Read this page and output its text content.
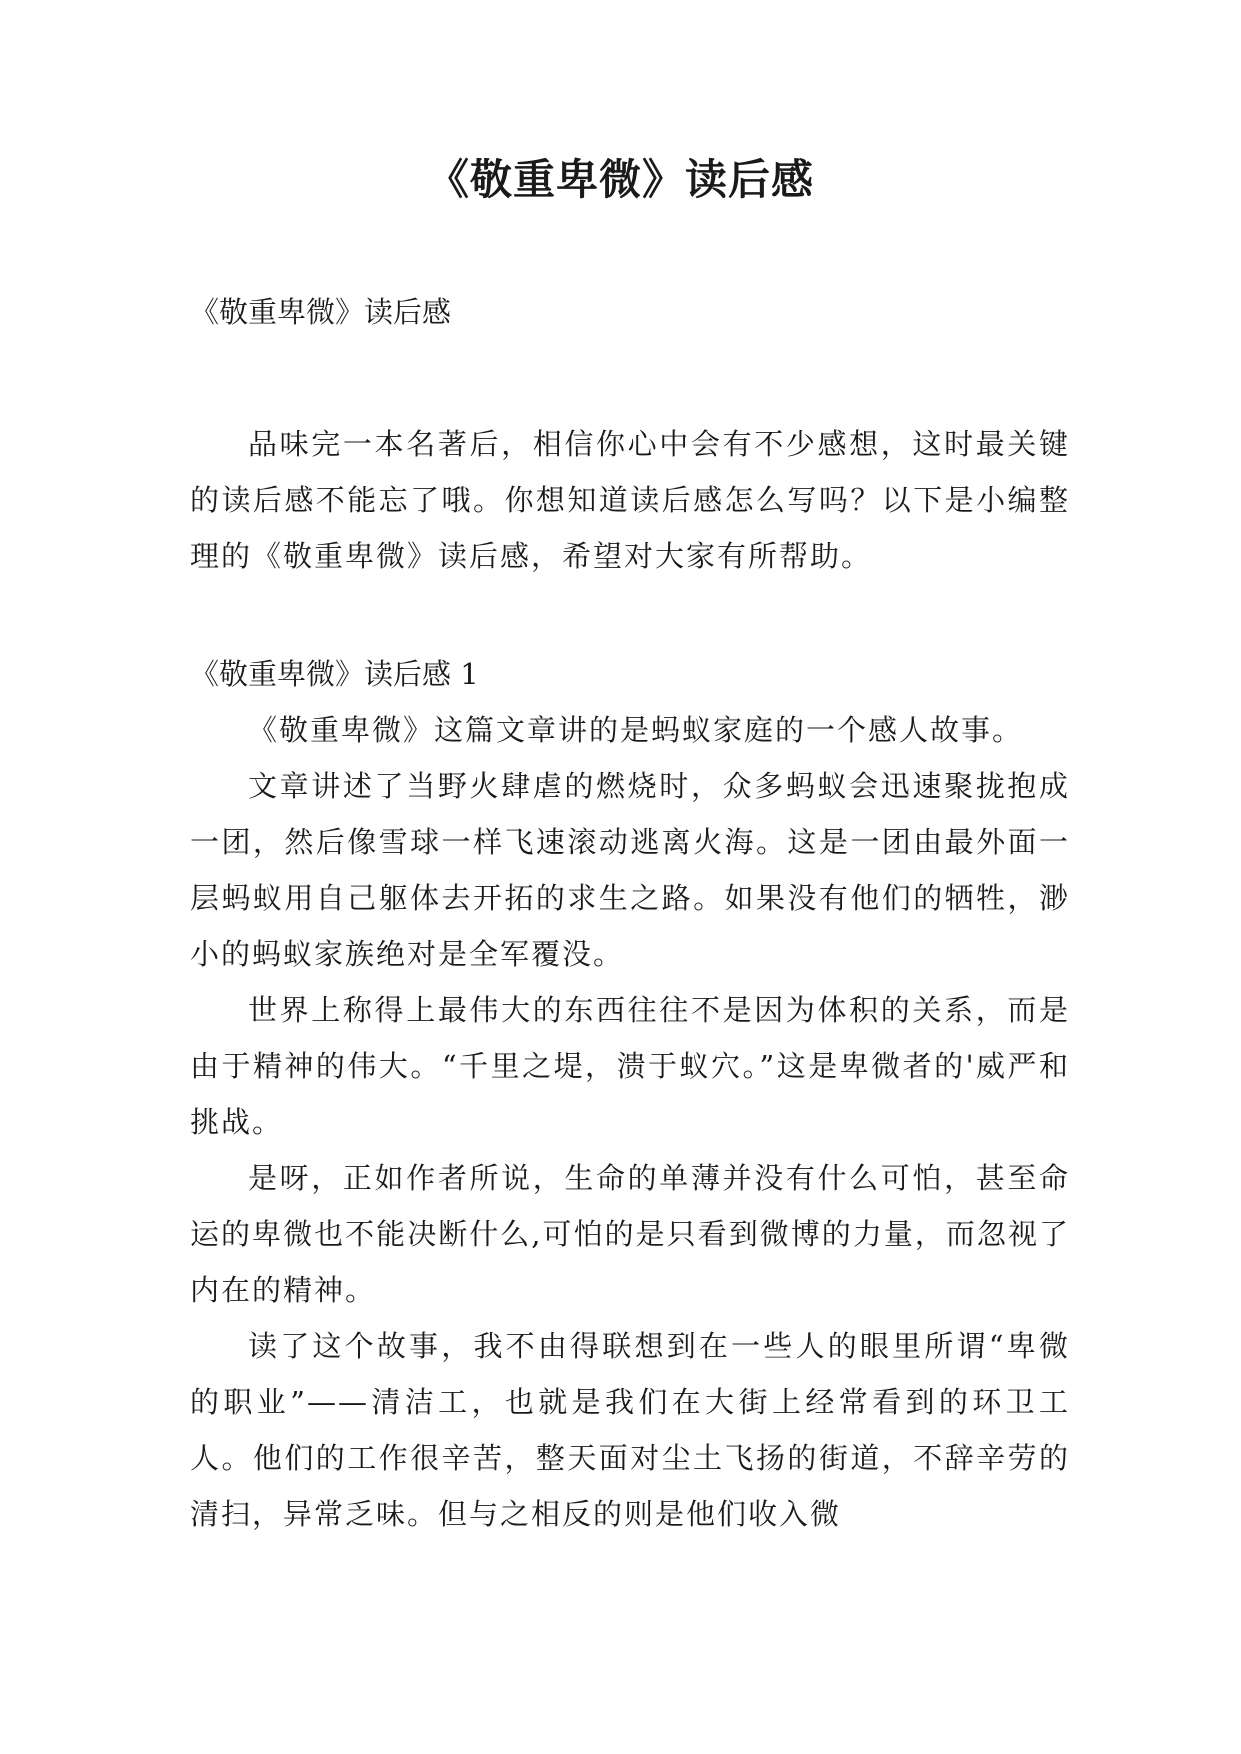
《敬重卑微》读后感

《敬重卑微》读后感

品味完一本名著后，相信你心中会有不少感想，这时最关键的读后感不能忘了哦。你想知道读后感怎么写吗？以下是小编整理的《敬重卑微》读后感，希望对大家有所帮助。

《敬重卑微》读后感 1

《敬重卑微》这篇文章讲的是蚂蚁家庭的一个感人故事。

文章讲述了当野火肆虐的燃烧时，众多蚂蚁会迅速聚拢抱成一团，然后像雪球一样飞速滚动逃离火海。这是一团由最外面一层蚂蚁用自己躯体去开拓的求生之路。如果没有他们的牺牲，渺小的蚂蚁家族绝对是全军覆没。

世界上称得上最伟大的东西往往不是因为体积的关系，而是由于精神的伟大。“千里之堤，溃于蚁穴。”这是卑微者的'威严和挑战。

是呀，正如作者所说，生命的单薄并没有什么可怕，甚至命运的卑微也不能决断什么,可怕的是只看到微博的力量，而忽视了内在的精神。

读了这个故事，我不由得联想到在一些人的眼里所谓“卑微的职业”——清洁工，也就是我们在大街上经常看到的环卫工人。他们的工作很辛苦，整天面对尘土飞扬的街道，不辞辛劳的清扫，异常乏味。但与之相反的则是他们收入微
